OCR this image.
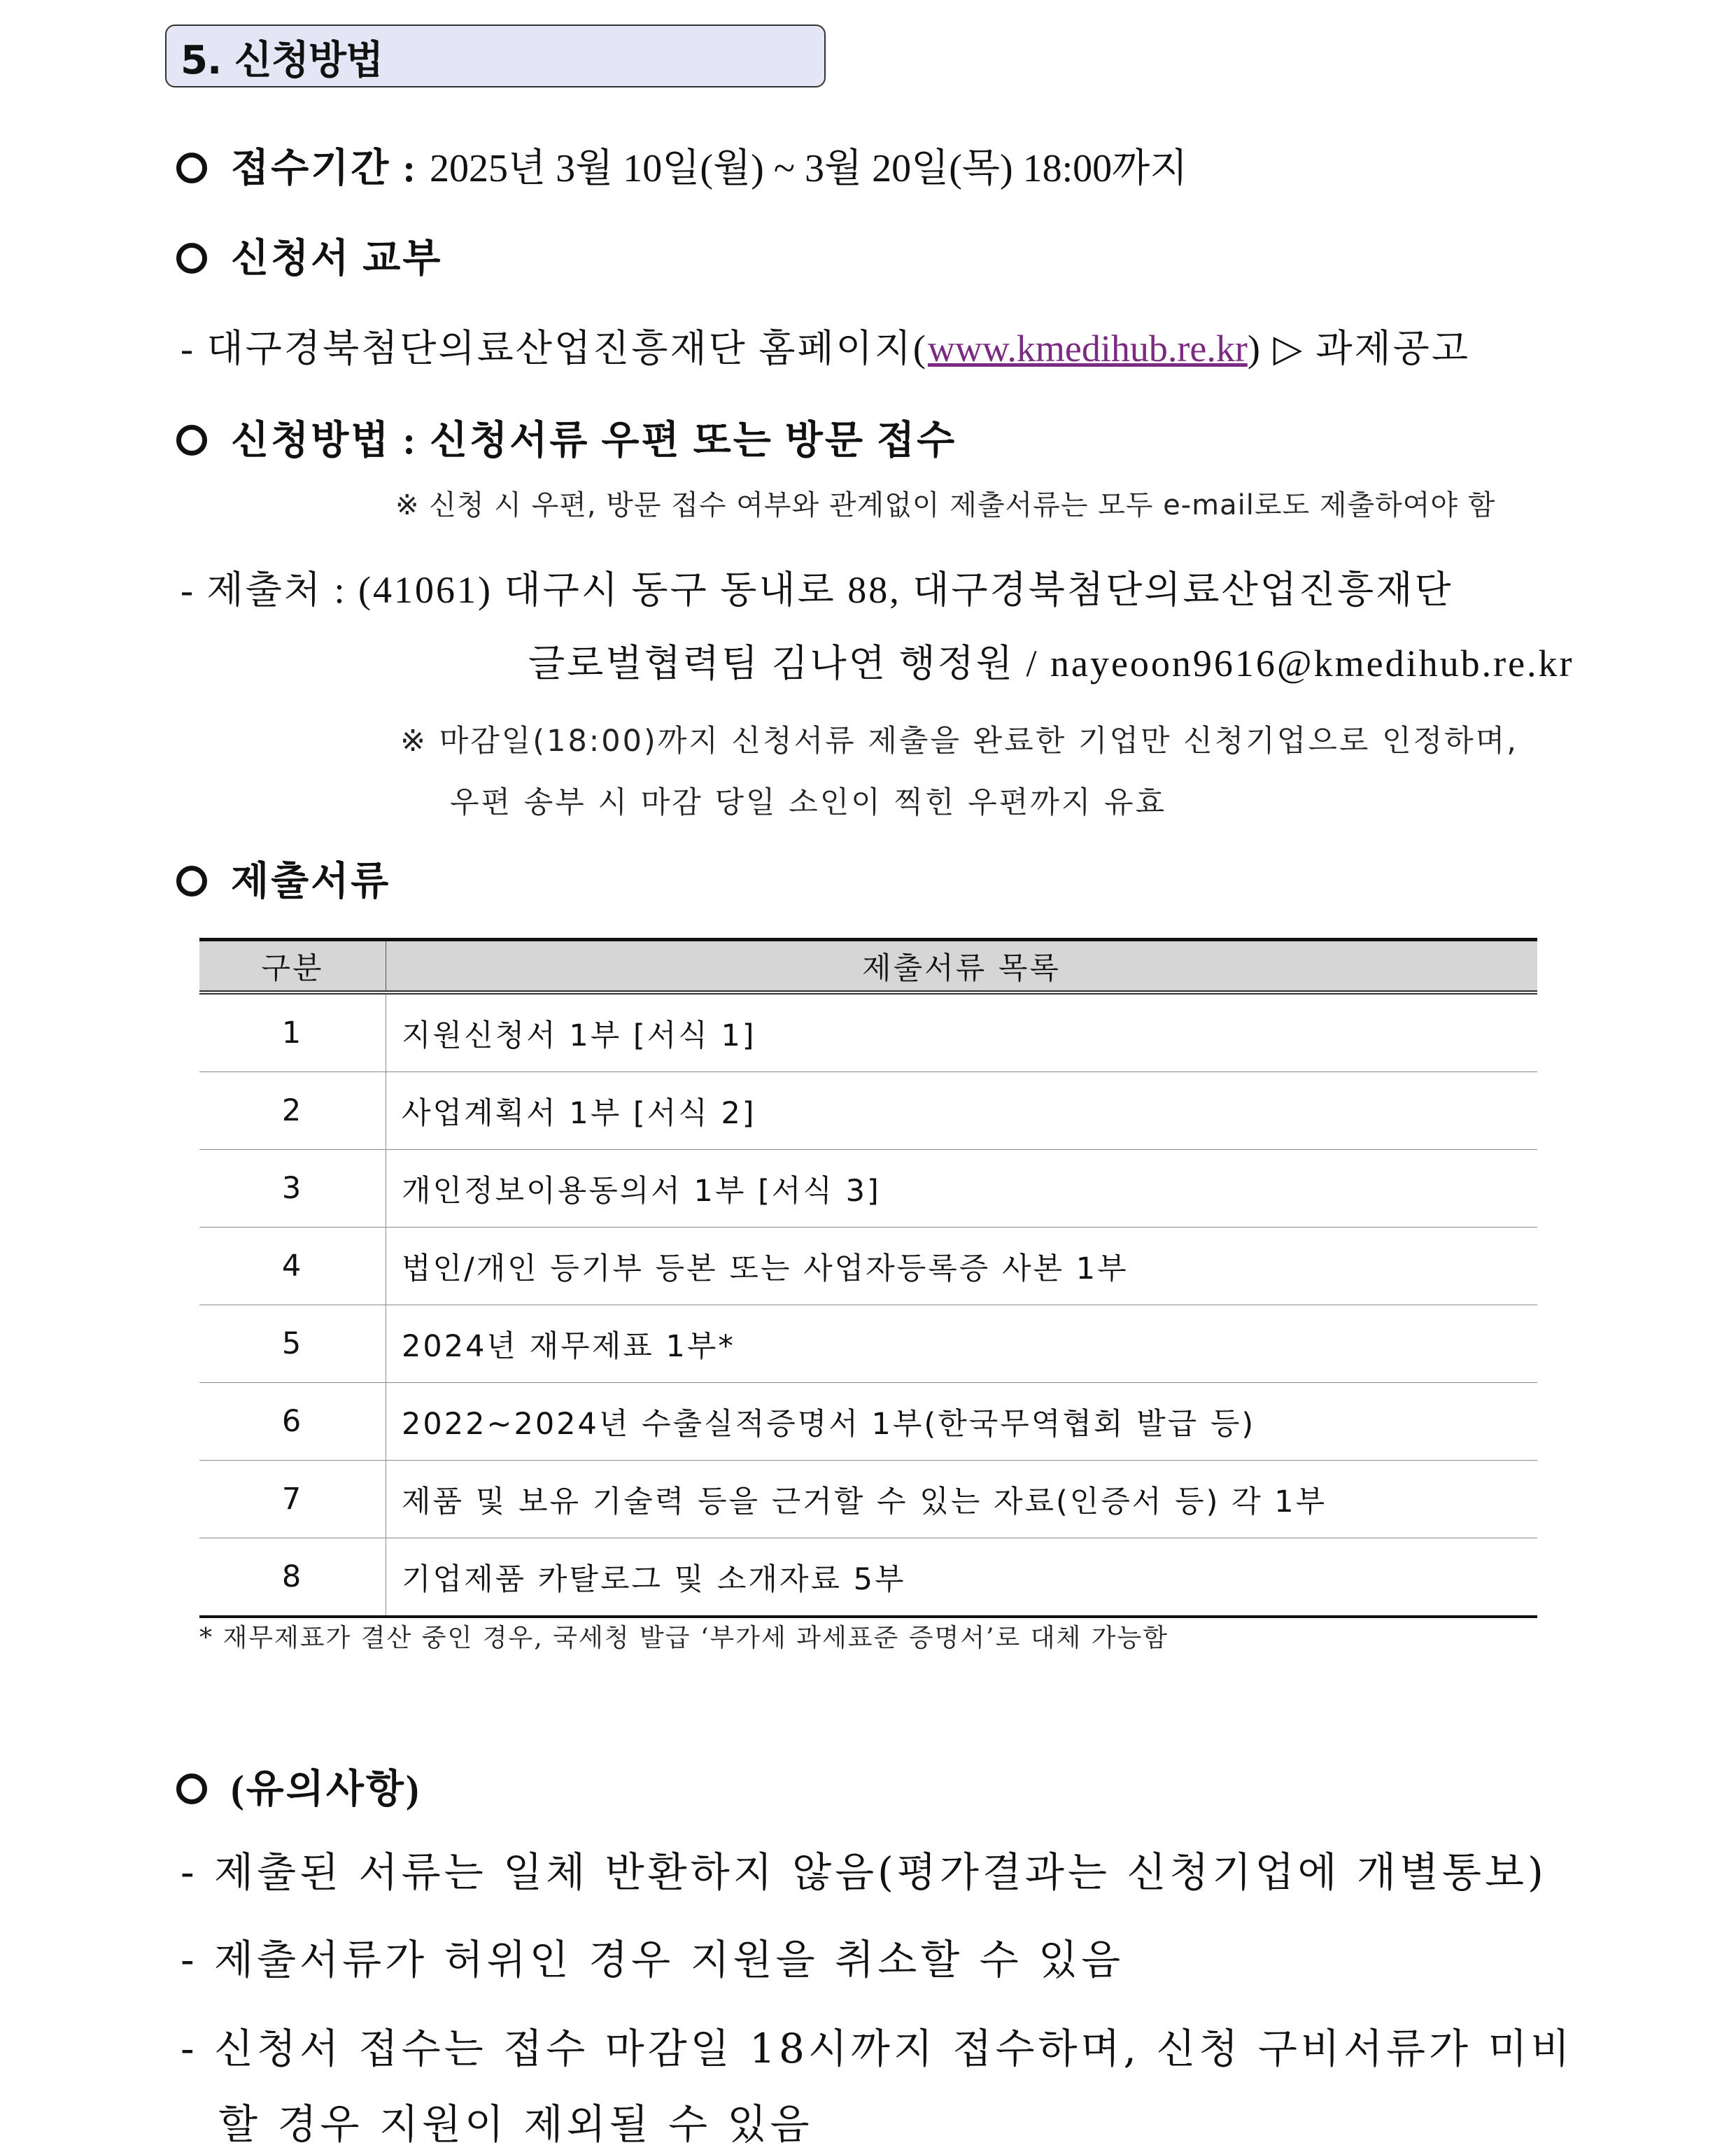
5. 신청방법
접수기간 : 2025년 3월 10일(월) ~ 3월 20일(목) 18:00까지
신청서 교부
- 대구경북첨단의료산업진흥재단 홈페이지(www.kmedihub.re.kr) ▷ 과제공고
신청방법 : 신청서류 우편 또는 방문 접수
※ 신청 시 우편, 방문 접수 여부와 관계없이 제출서류는 모두 e-mail로도 제출하여야 함
- 제출처 : (41061) 대구시 동구 동내로 88, 대구경북첨단의료산업진흥재단
글로벌협력팀 김나연 행정원 / nayeoon9616@kmedihub.re.kr
※ 마감일(18:00)까지 신청서류 제출을 완료한 기업만 신청기업으로 인정하며,
우편 송부 시 마감 당일 소인이 찍힌 우편까지 유효
제출서류
구분	제출서류 목록
1	지원신청서 1부 [서식 1]
2	사업계획서 1부 [서식 2]
3	개인정보이용동의서 1부 [서식 3]
4	법인/개인 등기부 등본 또는 사업자등록증 사본 1부
5	2024년 재무제표 1부*
6	2022~2024년 수출실적증명서 1부(한국무역협회 발급 등)
7	제품 및 보유 기술력 등을 근거할 수 있는 자료(인증서 등) 각 1부
8	기업제품 카탈로그 및 소개자료 5부
* 재무제표가 결산 중인 경우, 국세청 발급 ‘부가세 과세표준 증명서’로 대체 가능함
(유의사항)
- 제출된 서류는 일체 반환하지 않음(평가결과는 신청기업에 개별통보)
- 제출서류가 허위인 경우 지원을 취소할 수 있음
- 신청서 접수는 접수 마감일 18시까지 접수하며, 신청 구비서류가 미비
할 경우 지원이 제외될 수 있음
